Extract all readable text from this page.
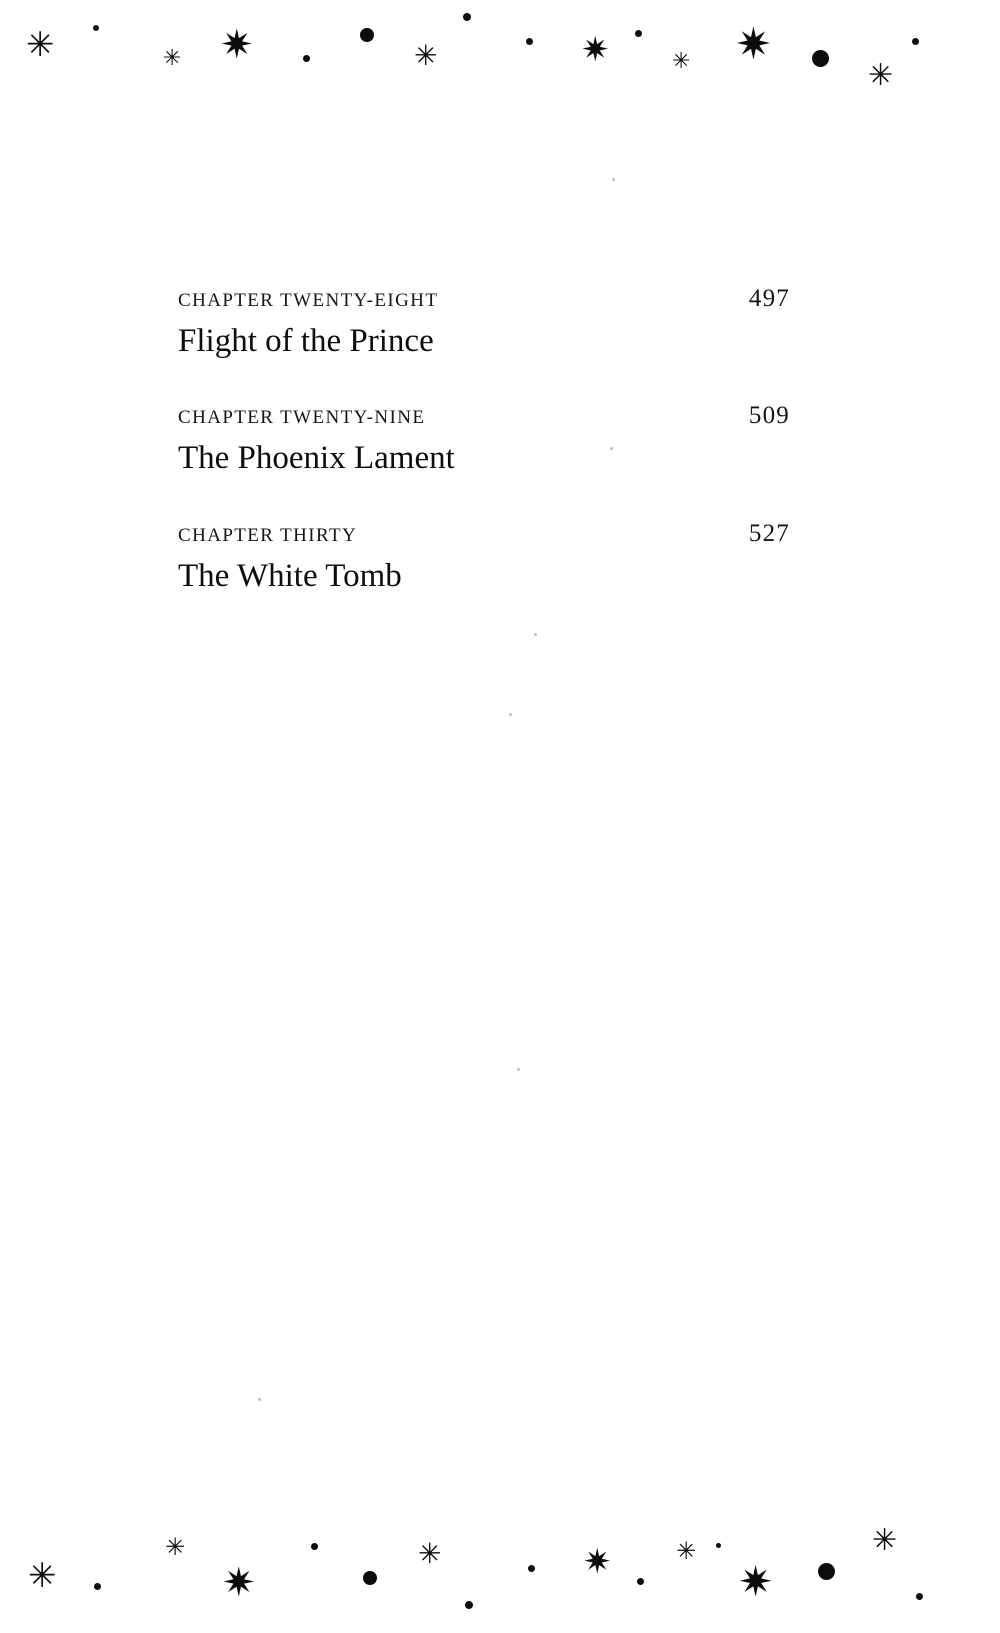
✳	✳ ✷	✳	✷	✳ ✷
✳
CHAPTER TWENTY-EIGHT	497
Flight of the Prince
CHAPTER TWENTY-NINE	509
The Phoenix Lament
CHAPTER THIRTY	527
The White Tomb
✳
✳
✷
✳	✷	✳
✷
✳
